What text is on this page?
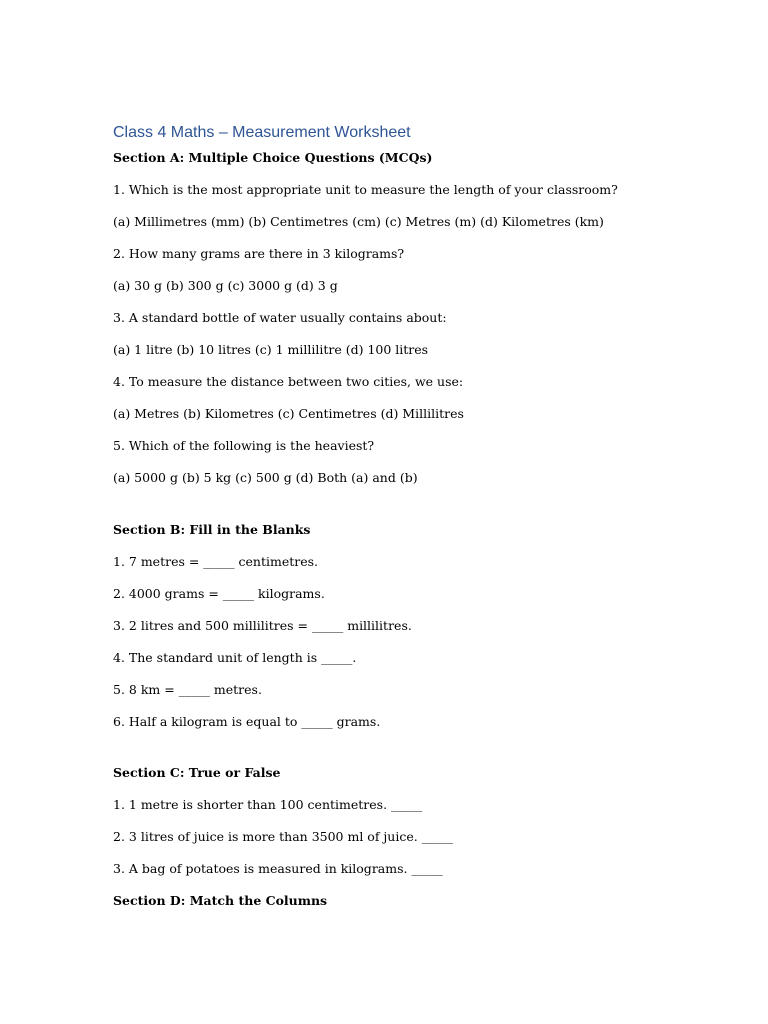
Class 4 Maths – Measurement Worksheet

Section A: Multiple Choice Questions (MCQs)

1. Which is the most appropriate unit to measure the length of your classroom?

(a) Millimetres (mm) (b) Centimetres (cm) (c) Metres (m) (d) Kilometres (km)

2. How many grams are there in 3 kilograms?

(a) 30 g (b) 300 g (c) 3000 g (d) 3 g

3. A standard bottle of water usually contains about:

(a) 1 litre (b) 10 litres (c) 1 millilitre (d) 100 litres

4. To measure the distance between two cities, we use:

(a) Metres (b) Kilometres (c) Centimetres (d) Millilitres

5. Which of the following is the heaviest?

(a) 5000 g (b) 5 kg (c) 500 g (d) Both (a) and (b)

Section B: Fill in the Blanks

1. 7 metres = _____ centimetres.

2. 4000 grams = _____ kilograms.

3. 2 litres and 500 millilitres = _____ millilitres.

4. The standard unit of length is _____.

5. 8 km = _____ metres.

6. Half a kilogram is equal to _____ grams.

Section C: True or False

1. 1 metre is shorter than 100 centimetres. _____

2. 3 litres of juice is more than 3500 ml of juice. _____

3. A bag of potatoes is measured in kilograms. _____

Section D: Match the Columns
